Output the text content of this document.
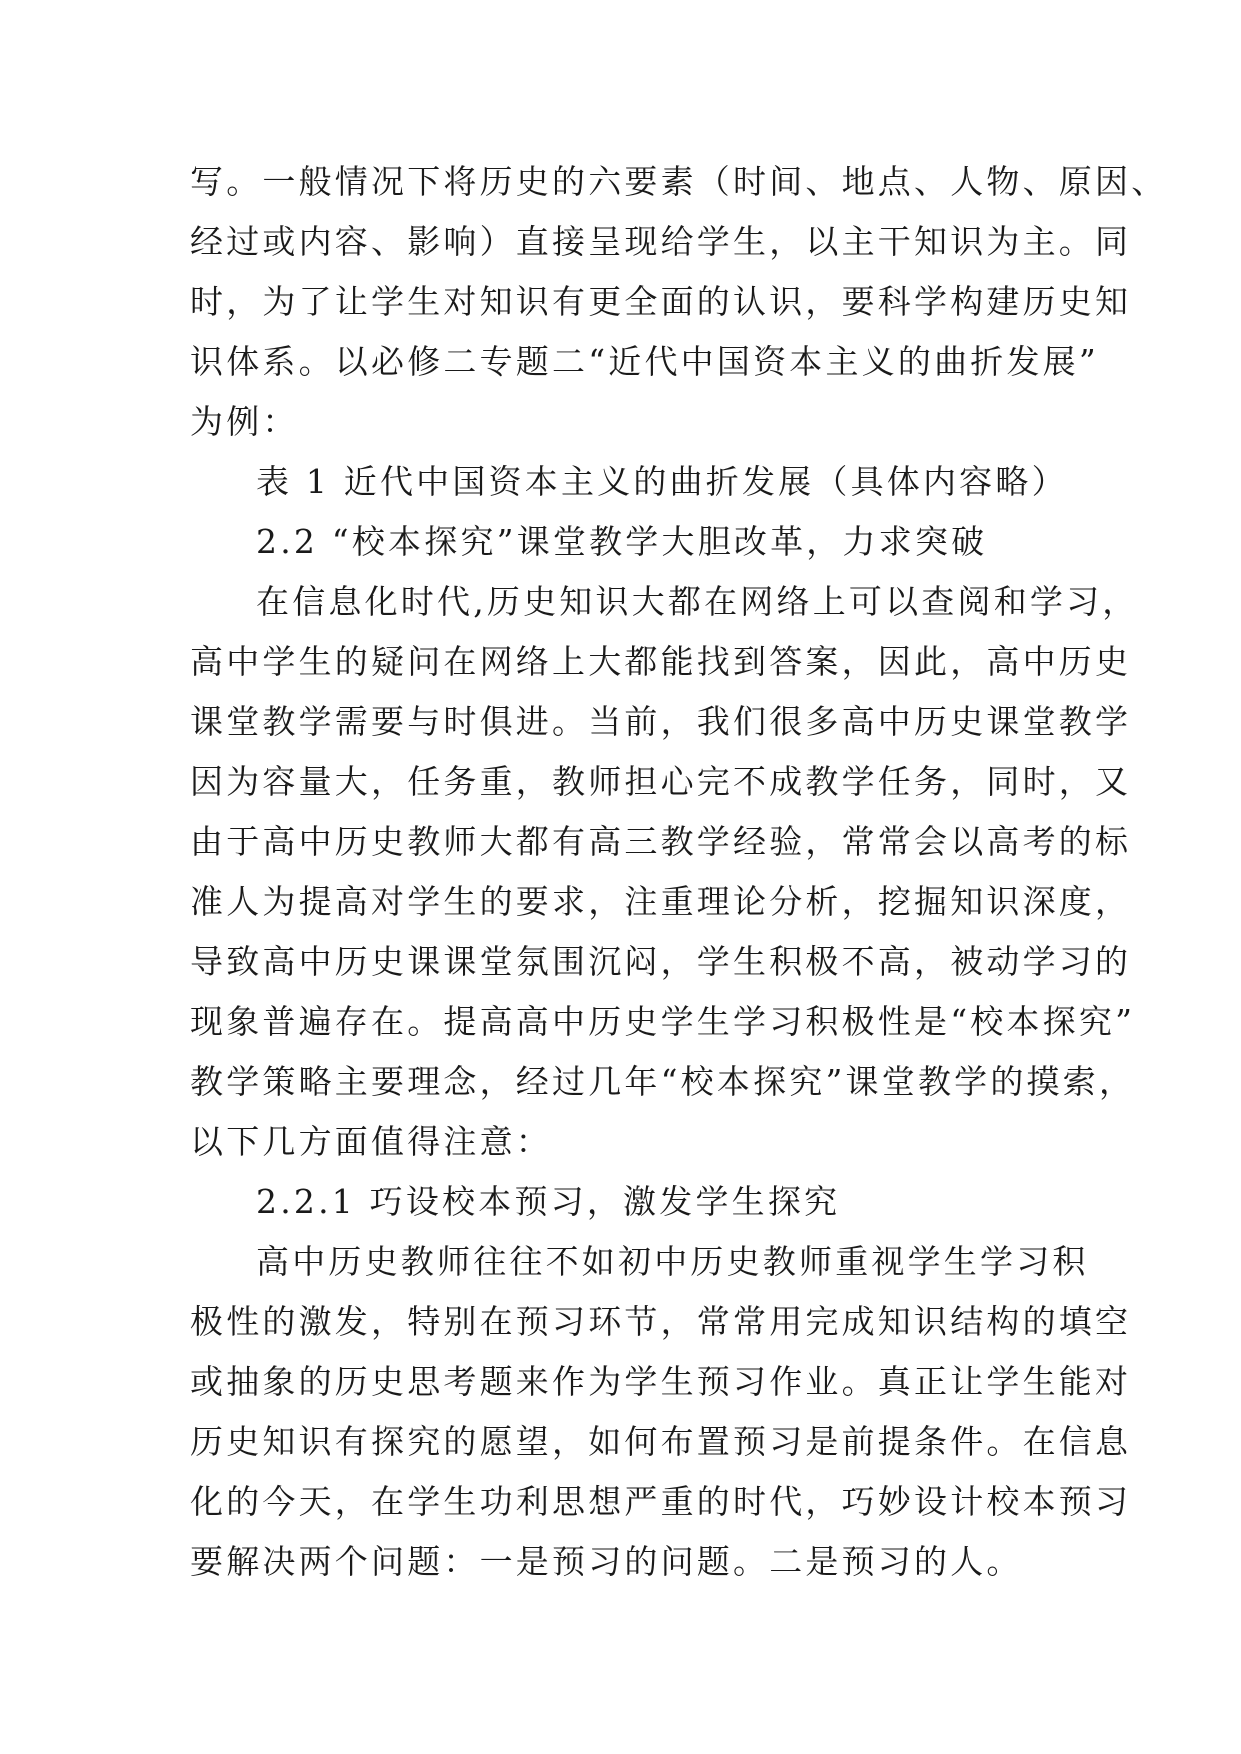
写。一般情况下将历史的六要素（时间、地点、人物、原因、
经过或内容、影响）直接呈现给学生，以主干知识为主。同
时，为了让学生对知识有更全面的认识，要科学构建历史知
识体系。以必修二专题二“近代中国资本主义的曲折发展”
为例：
表 1 近代中国资本主义的曲折发展（具体内容略）
2.2 “校本探究”课堂教学大胆改革，力求突破
在信息化时代,历史知识大都在网络上可以查阅和学习，
高中学生的疑问在网络上大都能找到答案，因此，高中历史
课堂教学需要与时俱进。当前，我们很多高中历史课堂教学
因为容量大，任务重，教师担心完不成教学任务，同时，又
由于高中历史教师大都有高三教学经验，常常会以高考的标
准人为提高对学生的要求，注重理论分析，挖掘知识深度，
导致高中历史课课堂氛围沉闷，学生积极不高，被动学习的
现象普遍存在。提高高中历史学生学习积极性是“校本探究”
教学策略主要理念，经过几年“校本探究”课堂教学的摸索，
以下几方面值得注意：
2.2.1 巧设校本预习，激发学生探究
高中历史教师往往不如初中历史教师重视学生学习积
极性的激发，特别在预习环节，常常用完成知识结构的填空
或抽象的历史思考题来作为学生预习作业。真正让学生能对
历史知识有探究的愿望，如何布置预习是前提条件。在信息
化的今天，在学生功利思想严重的时代，巧妙设计校本预习
要解决两个问题：一是预习的问题。二是预习的人。
